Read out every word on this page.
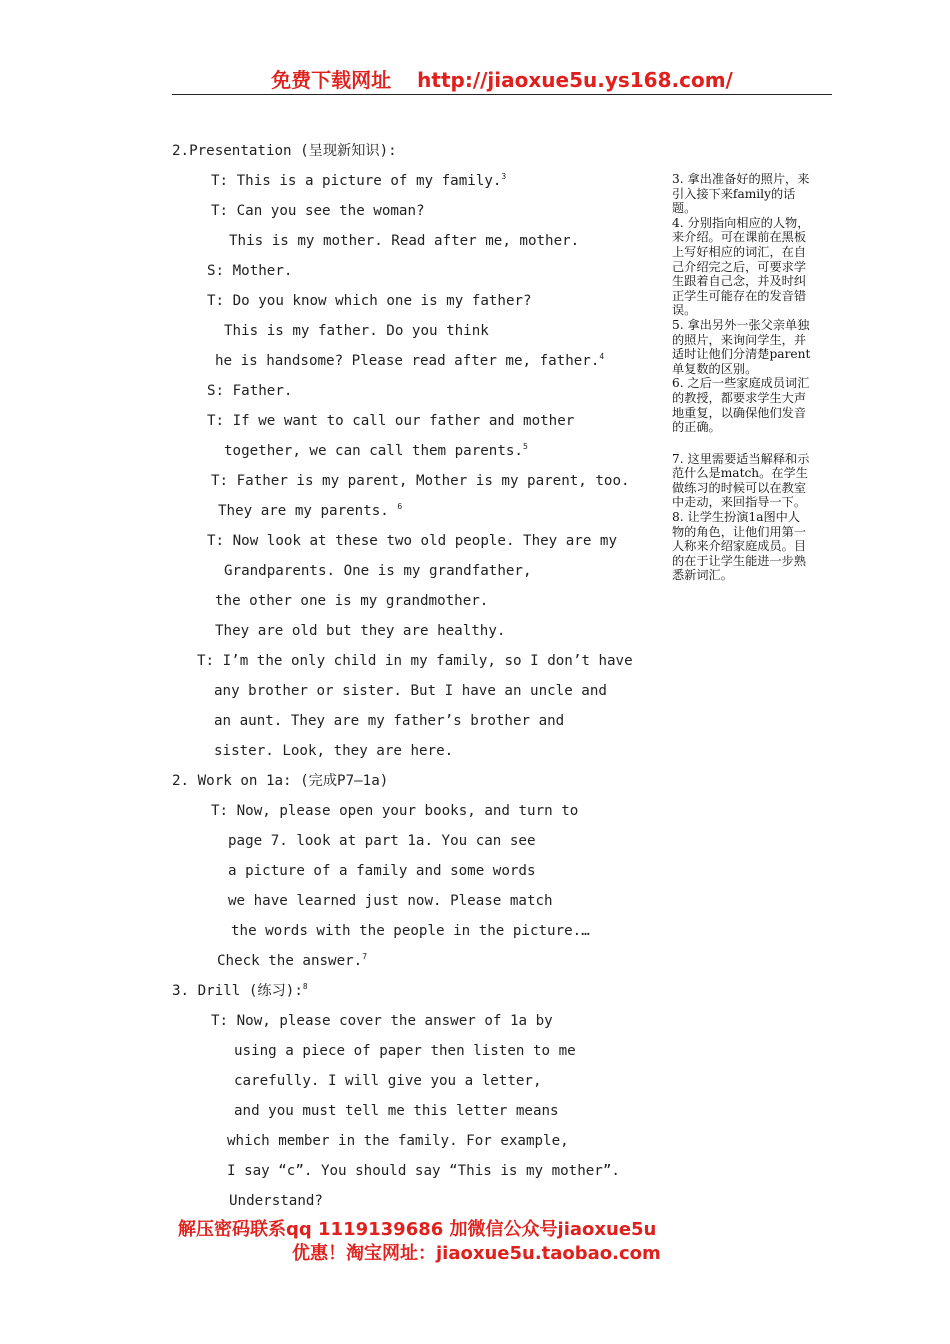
免费下载网址 http://jiaoxue5u.ys168.com/
2.Presentation (呈现新知识):
T: This is a picture of my family.$^3$
T: Can you see the woman?
This is my mother. Read after me, mother.
S: Mother.
T: Do you know which one is my father?
This is my father. Do you think
he is handsome? Please read after me, father.$^4$
S: Father.
T: If we want to call our father and mother
together, we can call them parents.$^5$
T: Father is my parent, Mother is my parent, too.
They are my parents. $^6$
T: Now look at these two old people. They are my
Grandparents. One is my grandfather,
the other one is my grandmother.
They are old but they are healthy.
T: I’m the only child in my family, so I don’t have
any brother or sister. But I have an uncle and
an aunt. They are my father’s brother and
sister. Look, they are here.
2. Work on 1a: (完成P7—1a)
T: Now, please open your books, and turn to
page 7. look at part 1a. You can see
a picture of a family and some words
we have learned just now. Please match
the words with the people in the picture.…
Check the answer.$^7$
3. Drill (练习):$^8$
T: Now, please cover the answer of 1a by
using a piece of paper then listen to me
carefully. I will give you a letter,
and you must tell me this letter means
which member in the family. For example,
I say “c”. You should say “This is my mother”.
Understand?

3. 拿出准备好的照片，来引入接下来family的话题。

4. 分别指向相应的人物，来介绍。可在课前在黑板上写好相应的词汇，在自己介绍完之后，可要求学生跟着自己念，并及时纠正学生可能存在的发音错误。

5. 拿出另外一张父亲单独的照片，来询问学生，并适时让他们分清楚parent单复数的区别。

6. 之后一些家庭成员词汇的教授，都要求学生大声地重复，以确保他们发音的正确。

7. 这里需要适当解释和示范什么是match。在学生做练习的时候可以在教室中走动，来回指导一下。

8. 让学生扮演1a图中人物的角色，让他们用第一人称来介绍家庭成员。目的在于让学生能进一步熟悉新词汇。

解压密码联系qq 1119139686 加微信公众号jiaoxue5u
优惠！淘宝网址：jiaoxue5u.taobao.com
